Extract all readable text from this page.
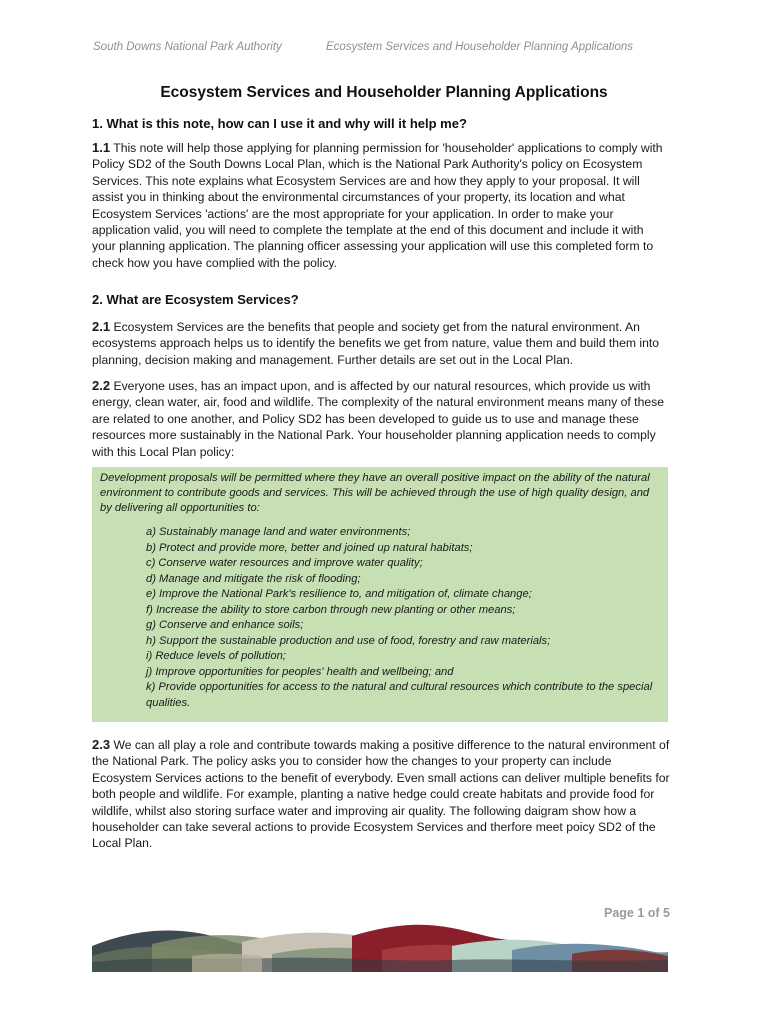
South Downs National Park Authority	Ecosystem Services and Householder Planning Applications
Ecosystem Services and Householder Planning Applications
1. What is this note, how can I use it and why will it help me?
1.1 This note will help those applying for planning permission for 'householder' applications to comply with Policy SD2 of the South Downs Local Plan, which is the National Park Authority's policy on Ecosystem Services. This note explains what Ecosystem Services are and how they apply to your proposal. It will assist you in thinking about the environmental circumstances of your property, its location and what Ecosystem Services 'actions' are the most appropriate for your application. In order to make your application valid, you will need to complete the template at the end of this document and include it with your planning application. The planning officer assessing your application will use this completed form to check how you have complied with the policy.
2. What are Ecosystem Services?
2.1 Ecosystem Services are the benefits that people and society get from the natural environment. An ecosystems approach helps us to identify the benefits we get from nature, value them and build them into planning, decision making and management. Further details are set out in the Local Plan.
2.2 Everyone uses, has an impact upon, and is affected by our natural resources, which provide us with energy, clean water, air, food and wildlife. The complexity of the natural environment means many of these are related to one another, and Policy SD2 has been developed to guide us to use and manage these resources more sustainably in the National Park. Your householder planning application needs to comply with this Local Plan policy:
Development proposals will be permitted where they have an overall positive impact on the ability of the natural environment to contribute goods and services. This will be achieved through the use of high quality design, and by delivering all opportunities to:
a) Sustainably manage land and water environments;
b) Protect and provide more, better and joined up natural habitats;
c) Conserve water resources and improve water quality;
d) Manage and mitigate the risk of flooding;
e) Improve the National Park's resilience to, and mitigation of, climate change;
f) Increase the ability to store carbon through new planting or other means;
g) Conserve and enhance soils;
h) Support the sustainable production and use of food, forestry and raw materials;
i) Reduce levels of pollution;
j) Improve opportunities for peoples' health and wellbeing; and
k) Provide opportunities for access to the natural and cultural resources which contribute to the special qualities.
2.3 We can all play a role and contribute towards making a positive difference to the natural environment of the National Park. The policy asks you to consider how the changes to your property can include Ecosystem Services actions to the benefit of everybody. Even small actions can deliver multiple benefits for both people and wildlife. For example, planting a native hedge could create habitats and provide food for wildlife, whilst also storing surface water and improving air quality. The following daigram show how a householder can take several actions to provide Ecosystem Services and therfore meet poicy SD2 of the Local Plan.
Page 1 of 5
